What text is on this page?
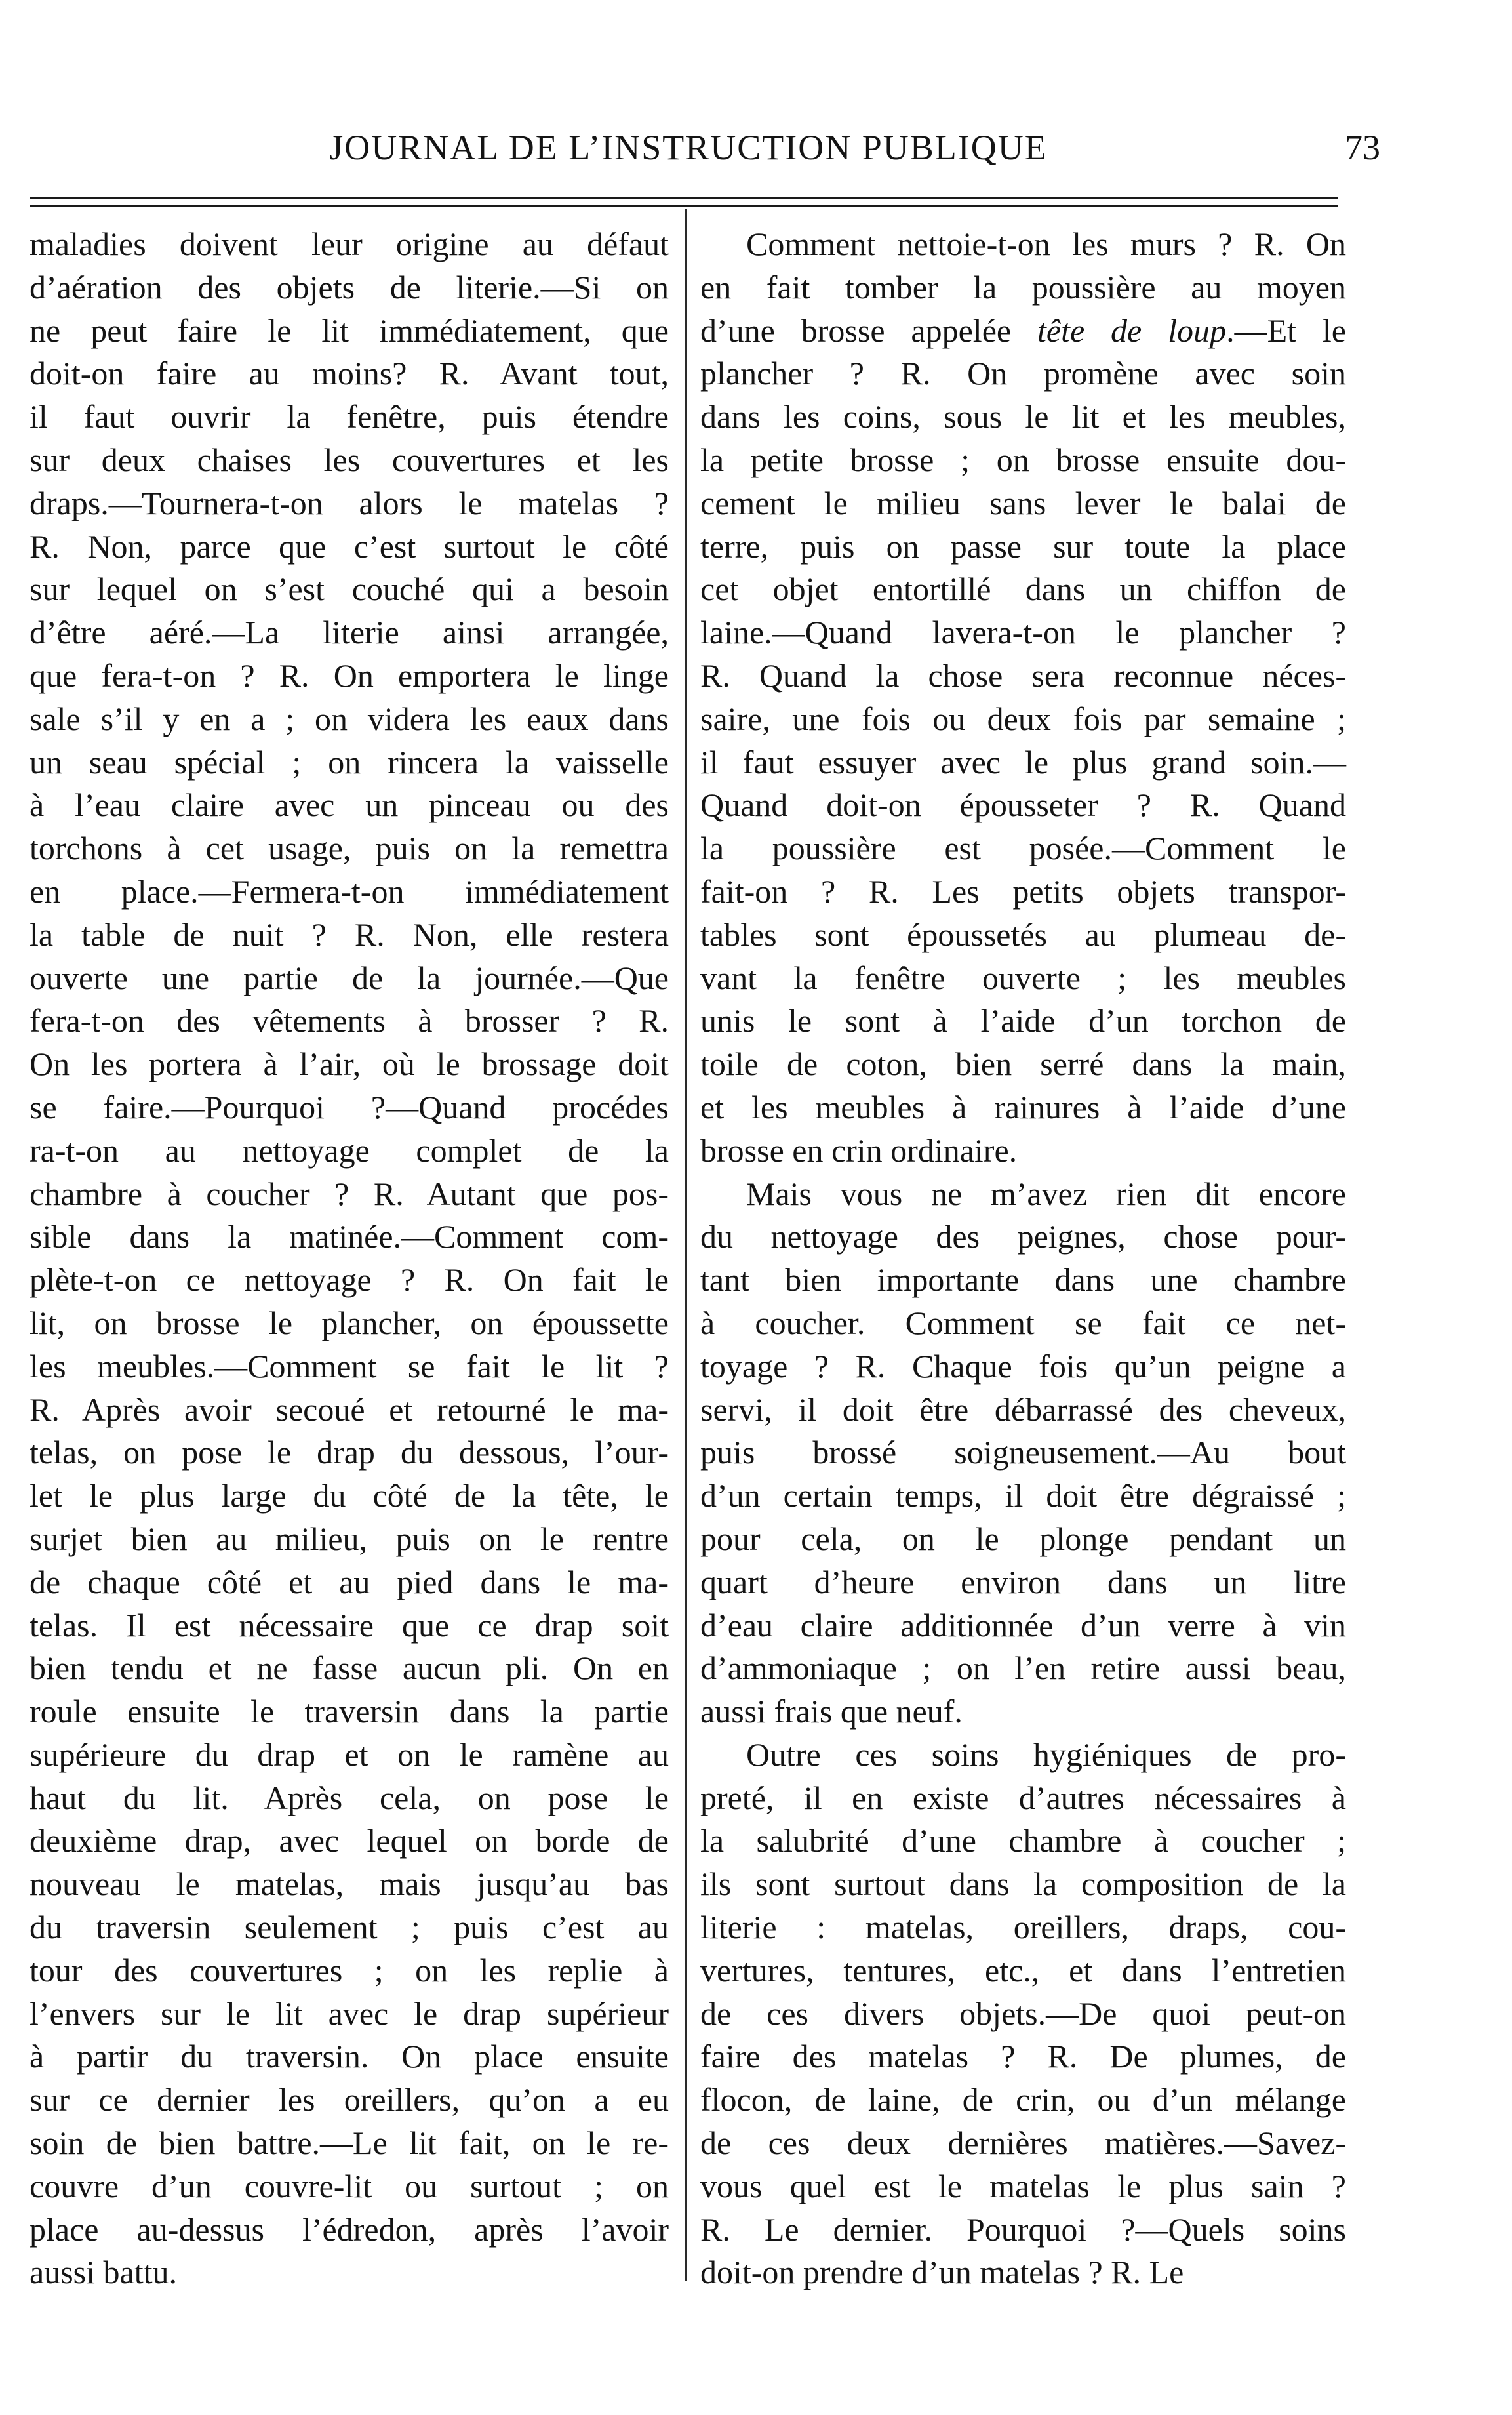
JOURNAL DE L’INSTRUCTION PUBLIQUE	73
maladies doivent leur origine au défaut
d’aération des objets de literie.—Si on
ne peut faire le lit immédiatement, que
doit-on faire au moins? R. Avant tout,
il faut ouvrir la fenêtre, puis étendre
sur deux chaises les couvertures et les
draps.—Tournera-t-on alors le matelas ?
R. Non, parce que c’est surtout le côté
sur lequel on s’est couché qui a besoin
d’être aéré.—La literie ainsi arrangée,
que fera-t-on ? R. On emportera le linge
sale s’il y en a ; on videra les eaux dans
un seau spécial ; on rincera la vaisselle
à l’eau claire avec un pinceau ou des
torchons à cet usage, puis on la remettra
en place.—Fermera-t-on immédiatement
la table de nuit ? R. Non, elle restera
ouverte une partie de la journée.—Que
fera-t-on des vêtements à brosser ? R.
On les portera à l’air, où le brossage doit
se faire.—Pourquoi ?—Quand procédes
ra-t-on au nettoyage complet de la
chambre à coucher ? R. Autant que pos-
sible dans la matinée.—Comment com-
plète-t-on ce nettoyage ? R. On fait le
lit, on brosse le plancher, on époussette
les meubles.—Comment se fait le lit ?
R. Après avoir secoué et retourné le ma-
telas, on pose le drap du dessous, l’our-
let le plus large du côté de la tête, le
surjet bien au milieu, puis on le rentre
de chaque côté et au pied dans le ma-
telas. Il est nécessaire que ce drap soit
bien tendu et ne fasse aucun pli. On en
roule ensuite le traversin dans la partie
supérieure du drap et on le ramène au
haut du lit. Après cela, on pose le
deuxième drap, avec lequel on borde de
nouveau le matelas, mais jusqu’au bas
du traversin seulement ; puis c’est au
tour des couvertures ; on les replie à
l’envers sur le lit avec le drap supérieur
à partir du traversin. On place ensuite
sur ce dernier les oreillers, qu’on a eu
soin de bien battre.—Le lit fait, on le re-
couvre d’un couvre-lit ou surtout ; on
place au-dessus l’édredon, après l’avoir
aussi battu.
Comment nettoie-t-on les murs ? R. On
en fait tomber la poussière au moyen
d’une brosse appelée tête de loup.—Et le
plancher ? R. On promène avec soin
dans les coins, sous le lit et les meubles,
la petite brosse ; on brosse ensuite dou-
cement le milieu sans lever le balai de
terre, puis on passe sur toute la place
cet objet entortillé dans un chiffon de
laine.—Quand lavera-t-on le plancher ?
R. Quand la chose sera reconnue néces-
saire, une fois ou deux fois par semaine ;
il faut essuyer avec le plus grand soin.—
Quand doit-on épousseter ? R. Quand
la poussière est posée.—Comment le
fait-on ? R. Les petits objets transpor-
tables sont époussetés au plumeau de-
vant la fenêtre ouverte ; les meubles
unis le sont à l’aide d’un torchon de
toile de coton, bien serré dans la main,
et les meubles à rainures à l’aide d’une
brosse en crin ordinaire.
Mais vous ne m’avez rien dit encore
du nettoyage des peignes, chose pour-
tant bien importante dans une chambre
à coucher. Comment se fait ce net-
toyage ? R. Chaque fois qu’un peigne a
servi, il doit être débarrassé des cheveux,
puis brossé soigneusement.—Au bout
d’un certain temps, il doit être dégraissé ;
pour cela, on le plonge pendant un
quart d’heure environ dans un litre
d’eau claire additionnée d’un verre à vin
d’ammoniaque ; on l’en retire aussi beau,
aussi frais que neuf.
Outre ces soins hygiéniques de pro-
preté, il en existe d’autres nécessaires à
la salubrité d’une chambre à coucher ;
ils sont surtout dans la composition de la
literie : matelas, oreillers, draps, cou-
vertures, tentures, etc., et dans l’entretien
de ces divers objets.—De quoi peut-on
faire des matelas ? R. De plumes, de
flocon, de laine, de crin, ou d’un mélange
de ces deux dernières matières.—Savez-
vous quel est le matelas le plus sain ?
R. Le dernier. Pourquoi ?—Quels soins
doit-on prendre d’un matelas ? R. Le
